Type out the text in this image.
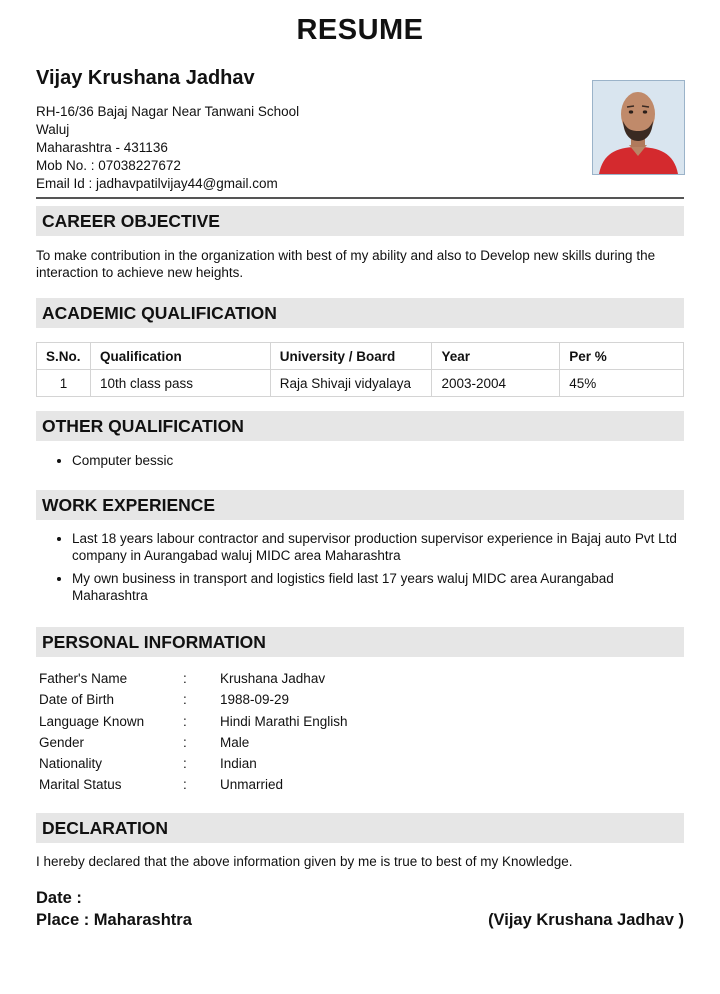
RESUME
Vijay Krushana Jadhav
RH-16/36 Bajaj Nagar Near Tanwani School
Waluj
Maharashtra - 431136
Mob No. : 07038227672
Email Id : jadhavpatilvijay44@gmail.com
CAREER OBJECTIVE
To make contribution in the organization with best of my ability and also to Develop new skills during the interaction to achieve new heights.
ACADEMIC QUALIFICATION
S.No.	Qualification	University / Board	Year	Per %
1	10th class pass	Raja Shivaji vidyalaya	2003-2004	45%
OTHER QUALIFICATION
• Computer bessic
WORK EXPERIENCE
• Last 18 years labour contractor and supervisor production supervisor experience in Bajaj auto Pvt Ltd company in Aurangabad waluj MIDC area Maharashtra
• My own business in transport and logistics field last 17 years waluj MIDC area Aurangabad Maharashtra
PERSONAL INFORMATION
Father's Name	: Krushana Jadhav
Date of Birth	: 1988-09-29
Language Known	: Hindi Marathi English
Gender	: Male
Nationality	: Indian
Marital Status	: Unmarried
DECLARATION
I hereby declared that the above information given by me is true to best of my Knowledge.
Date :
Place : Maharashtra	(Vijay Krushana Jadhav )
